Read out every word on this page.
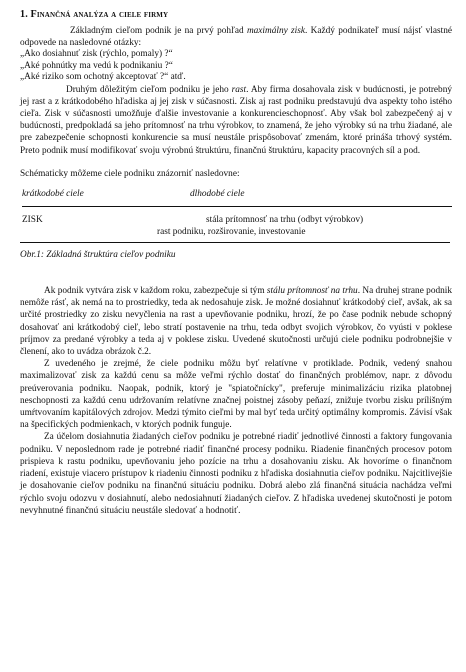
1. Finančná analýza a ciele firmy

Základným cieľom podnik je na prvý pohľad maximálny zisk. Každý podnikateľ musí nájsť vlastné odpovede na nasledovné otázky:

„Ako dosiahnuť zisk (rýchlo, pomaly) ?“

„Aké pohnútky ma vedú k podnikaniu ?“

„Aké riziko som ochotný akceptovať ?“ atď.

Druhým dôležitým cieľom podniku je jeho rast. Aby firma dosahovala zisk v budúcnosti, je potrebný jej rast a z krátkodobého hľadiska aj jej zisk v súčasnosti. Zisk aj rast podniku predstavujú dva aspekty toho istého cieľa. Zisk v súčasnosti umožňuje ďalšie investovanie a konkurencieschopnosť. Aby však bol zabezpečený aj v budúcnosti, predpokladá sa jeho prítomnosť na trhu výrobkov, to znamená, že jeho výrobky sú na trhu žiadané, ale pre zabezpečenie schopnosti konkurencie sa musí neustále prispôsobovať zmenám, ktoré prináša trhový systém. Preto podnik musí modifikovať svoju výrobnú štruktúru, finančnú štruktúru, kapacity pracovných síl a pod.

Schématicky môžeme ciele podniku znázorniť nasledovne:

krátkodobé ciele	dlhodobé ciele
ZISK	stála prítomnosť na trhu (odbyt výrobkov)
rast podniku, rozširovanie, investovanie
Obr.1: Základná štruktúra cieľov podniku

Ak podnik vytvára zisk v každom roku, zabezpečuje si tým stálu prítomnosť na trhu. Na druhej strane podnik nemôže rásť, ak nemá na to prostriedky, teda ak nedosahuje zisk. Je možné dosiahnuť krátkodobý cieľ, avšak, ak sa určité prostriedky zo zisku nevyčlenia na rast a upevňovanie podniku, hrozí, že po čase podnik nebude schopný dosahovať ani krátkodobý cieľ, lebo stratí postavenie na trhu, teda odbyt svojich výrobkov, čo vyústi v poklese príjmov za predané výrobky a teda aj v poklese zisku. Uvedené skutočnosti určujú ciele podniku podrobnejšie v členení, ako to uvádza obrázok č.2.

Z uvedeného je zrejmé, že ciele podniku môžu byť relatívne v protiklade. Podnik, vedený snahou maximalizovať zisk za každú cenu sa môže veľmi rýchlo dostať do finančných problémov, napr. z dôvodu preúverovania podniku. Naopak, podnik, ktorý je "spiatočnícky", preferuje minimalizáciu rizika platobnej neschopnosti za každú cenu udržovaním relatívne značnej poistnej zásoby peňazí, znižuje tvorbu zisku prílišným umŕtvovaním kapitálových zdrojov. Medzi týmito cieľmi by mal byť teda určitý optimálny kompromis. Závisí však na špecifických podmienkach, v ktorých podnik funguje.

Za účelom dosiahnutia žiadaných cieľov podniku je potrebné riadiť jednotlivé činnosti a faktory fungovania podniku. V neposlednom rade je potrebné riadiť finančné procesy podniku. Riadenie finančných procesov potom prispieva k rastu podniku, upevňovaniu jeho pozície na trhu a dosahovaniu zisku. Ak hovoríme o finančnom riadení, existuje viacero prístupov k riadeniu činnosti podniku z hľadiska dosiahnutia cieľov podniku. Najcitlivejšie je dosahovanie cieľov podniku na finančnú situáciu podniku. Dobrá alebo zlá finančná situácia nachádza veľmi rýchlo svoju odozvu v dosiahnutí, alebo nedosiahnutí žiadaných cieľov. Z hľadiska uvedenej skutočnosti je potom nevyhnutné finančnú situáciu neustále sledovať a hodnotiť.
